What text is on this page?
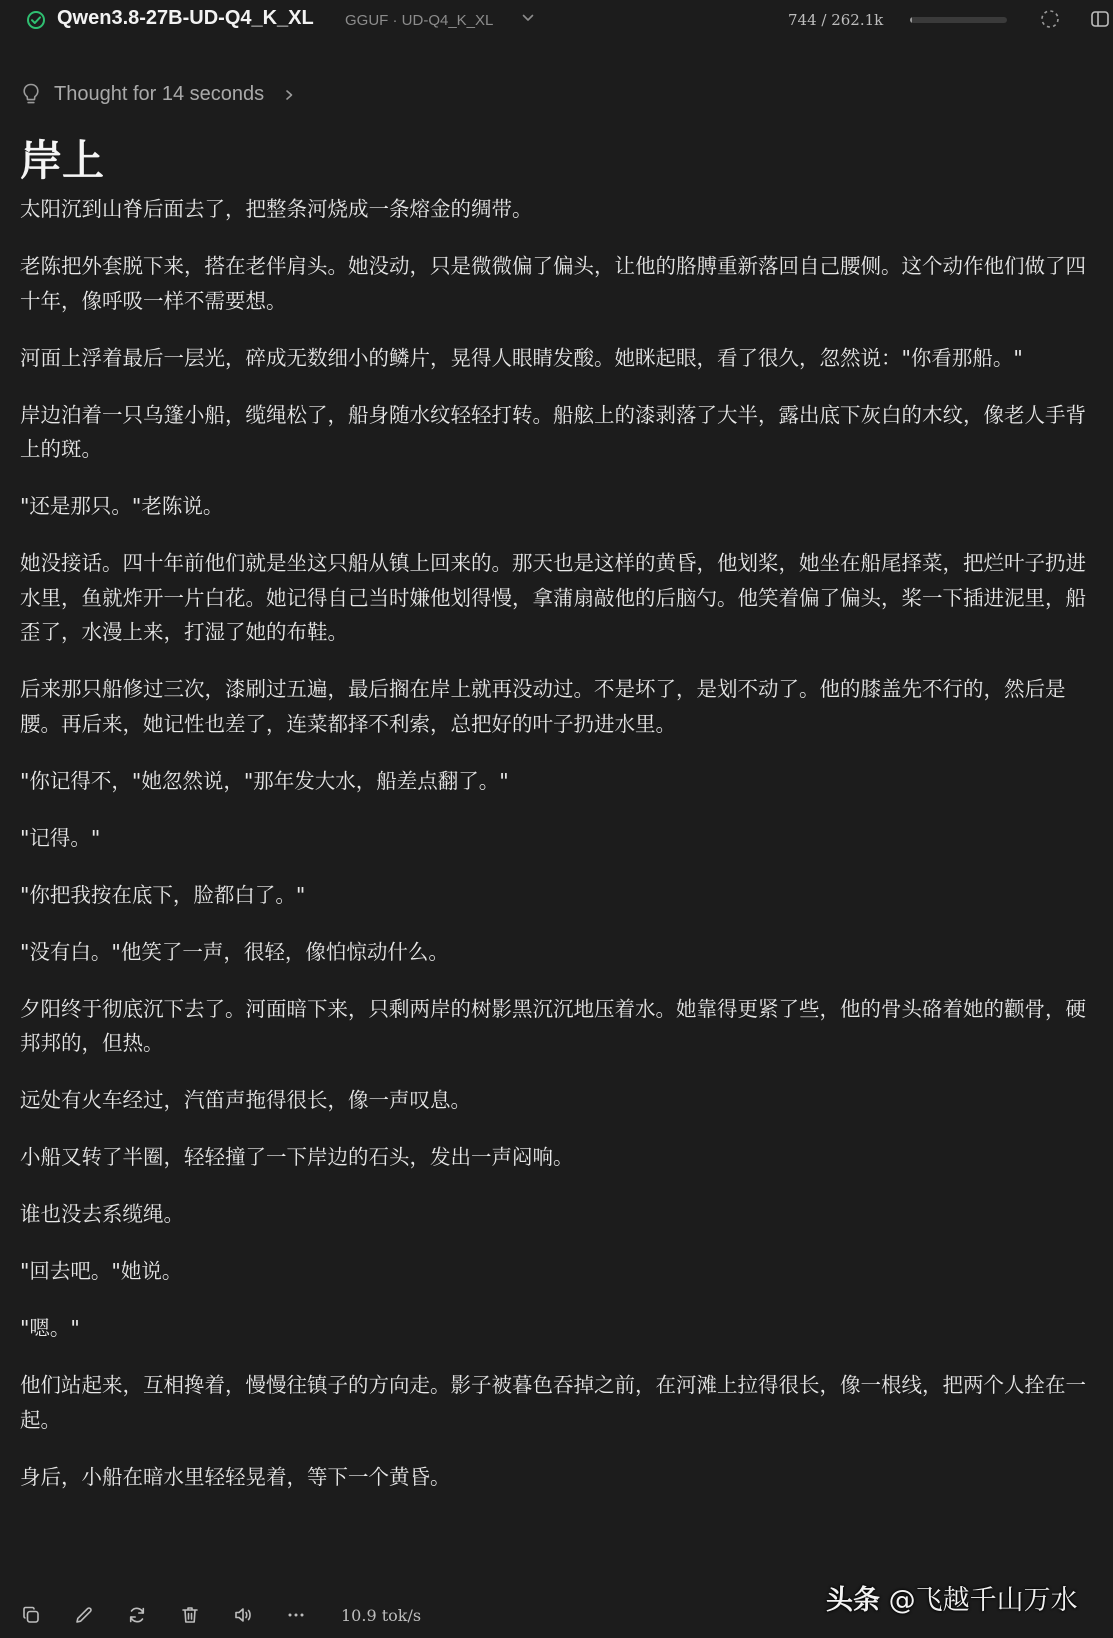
Qwen3.8-27B-UD-Q4_K_XL GGUF · UD-Q4_K_XL	744 / 262.1k
Thought for 14 seconds
岸上

太阳沉到山脊后面去了，把整条河烧成一条熔金的绸带。

老陈把外套脱下来，搭在老伴肩头。她没动，只是微微偏了偏头，让他的胳膊重新落回自己腰侧。这个动作他们做了四十年，像呼吸一样不需要想。

河面上浮着最后一层光，碎成无数细小的鳞片，晃得人眼睛发酸。她眯起眼，看了很久，忽然说："你看那船。"

岸边泊着一只乌篷小船，缆绳松了，船身随水纹轻轻打转。船舷上的漆剥落了大半，露出底下灰白的木纹，像老人手背上的斑。

"还是那只。"老陈说。

她没接话。四十年前他们就是坐这只船从镇上回来的。那天也是这样的黄昏，他划桨，她坐在船尾择菜，把烂叶子扔进水里，鱼就炸开一片白花。她记得自己当时嫌他划得慢，拿蒲扇敲他的后脑勺。他笑着偏了偏头，桨一下插进泥里，船歪了，水漫上来，打湿了她的布鞋。

后来那只船修过三次，漆刷过五遍，最后搁在岸上就再没动过。不是坏了，是划不动了。他的膝盖先不行的，然后是腰。再后来，她记性也差了，连菜都择不利索，总把好的叶子扔进水里。

"你记得不，"她忽然说，"那年发大水，船差点翻了。"

"记得。"

"你把我按在底下，脸都白了。"

"没有白。"他笑了一声，很轻，像怕惊动什么。

夕阳终于彻底沉下去了。河面暗下来，只剩两岸的树影黑沉沉地压着水。她靠得更紧了些，他的骨头硌着她的颧骨，硬邦邦的，但热。

远处有火车经过，汽笛声拖得很长，像一声叹息。

小船又转了半圈，轻轻撞了一下岸边的石头，发出一声闷响。

谁也没去系缆绳。

"回去吧。"她说。

"嗯。"

他们站起来，互相搀着，慢慢往镇子的方向走。影子被暮色吞掉之前，在河滩上拉得很长，像一根线，把两个人拴在一起。

身后，小船在暗水里轻轻晃着，等下一个黄昏。

10.9 tok/s	头条 @飞越千山万水
